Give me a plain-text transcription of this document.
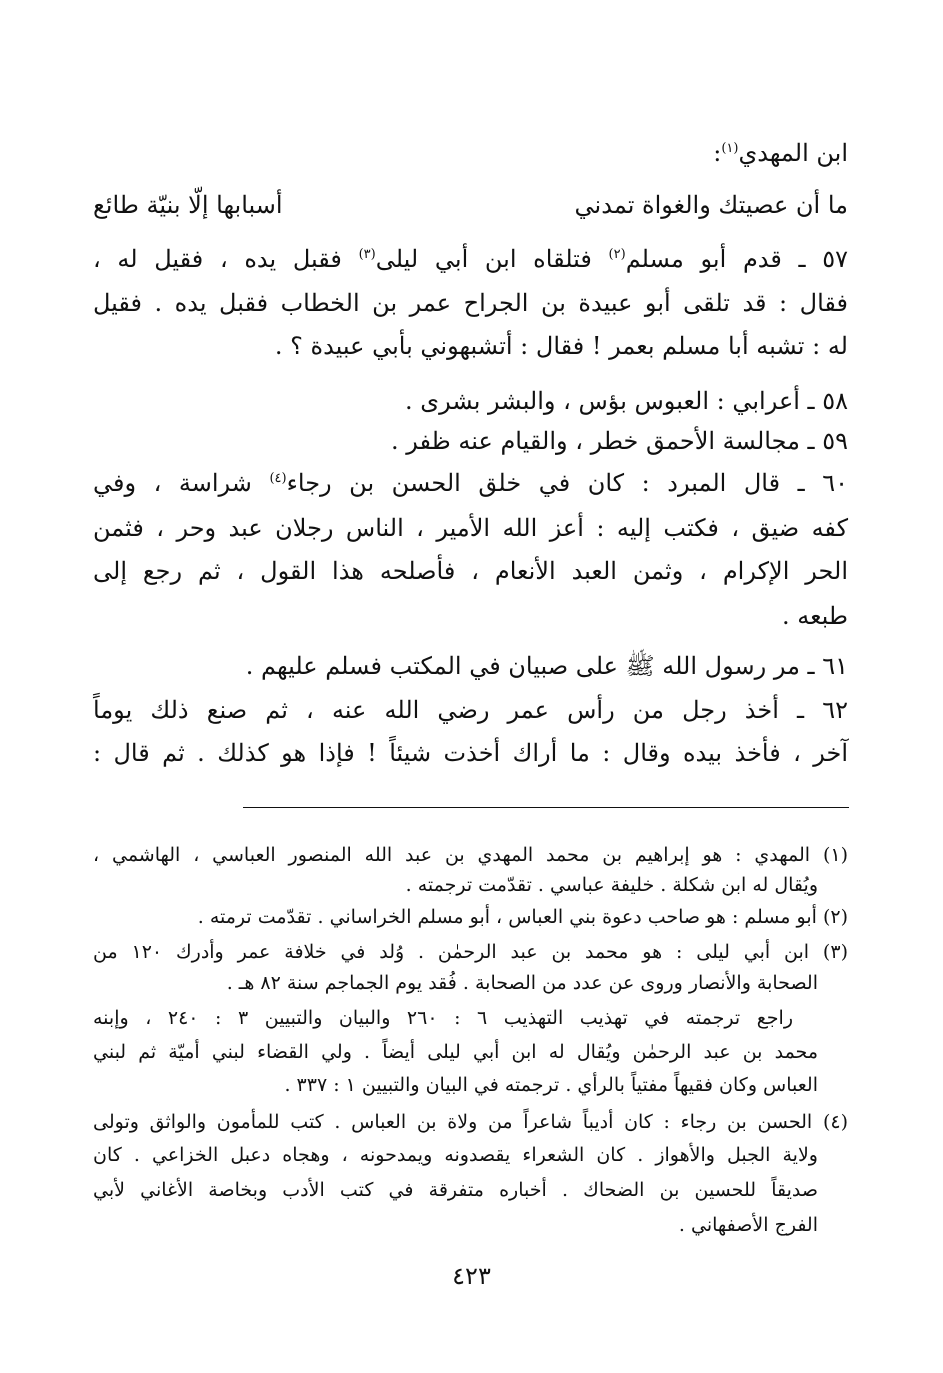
ابن المهدي$^{(١)}$:
ما أن عصيتك والغواة تمدني
أسبابها إلّا بنيّة طائع
٥٧ ـ قدم أبو مسلم$^{(٢)}$ فتلقاه ابن أبي ليلى$^{(٣)}$ فقبل يده ، فقيل له ،
فقال : قد تلقى أبو عبيدة بن الجراح عمر بن الخطاب فقبل يده . فقيل
له : تشبه أبا مسلم بعمر ! فقال : أتشبهوني بأبي عبيدة ؟ .
٥٨ ـ أعرابي : العبوس بؤس ، والبشر بشرى .
٥٩ ـ مجالسة الأحمق خطر ، والقيام عنه ظفر .
٦٠ ـ قال المبرد : كان في خلق الحسن بن رجاء$^{(٤)}$ شراسة ، وفي
كفه ضيق ، فكتب إليه : أعز الله الأمير ، الناس رجلان عبد وحر ، فثمن
الحر الإكرام ، وثمن العبد الأنعام ، فأصلحه هذا القول ، ثم رجع إلى
طبعه .
٦١ ـ مر رسول الله ﷺ على صبيان في المكتب فسلم عليهم .
٦٢ ـ أخذ رجل من رأس عمر رضي الله عنه ، ثم صنع ذلك يوماً
آخر ، فأخذ بيده وقال : ما أراك أخذت شيئاً ! فإذا هو كذلك . ثم قال :
(١) المهدي : هو إبراهيم بن محمد المهدي بن عبد الله المنصور العباسي ، الهاشمي ،
ويُقال له ابن شكلة . خليفة عباسي . تقدّمت ترجمته .
(٢) أبو مسلم : هو صاحب دعوة بني العباس ، أبو مسلم الخراساني . تقدّمت ترمته .
(٣) ابن أبي ليلى : هو محمد بن عبد الرحمٰن . وُلد في خلافة عمر وأدرك ١٢٠ من
الصحابة والأنصار وروى عن عدد من الصحابة . فُقد يوم الجماجم سنة ٨٢ هـ .
راجع ترجمته في تهذيب التهذيب ٦ : ٢٦٠ والبيان والتبيين ٣ : ٢٤٠ ، وإبنه
محمد بن عبد الرحمٰن ويُقال له ابن أبي ليلى أيضاً . ولي القضاء لبني أميّة ثم لبني
العباس وكان فقيهاً مفتياً بالرأي . ترجمته في البيان والتبيين ١ : ٣٣٧ .
(٤) الحسن بن رجاء : كان أديباً شاعراً من ولاة بن العباس . كتب للمأمون والواثق وتولى
ولاية الجبل والأهواز . كان الشعراء يقصدونه ويمدحونه ، وهجاه دعبل الخزاعي . كان
صديقاً للحسين بن الضحاك . أخباره متفرقة في كتب الأدب وبخاصة الأغاني لأبي
الفرج الأصفهاني .
٤٢٣
